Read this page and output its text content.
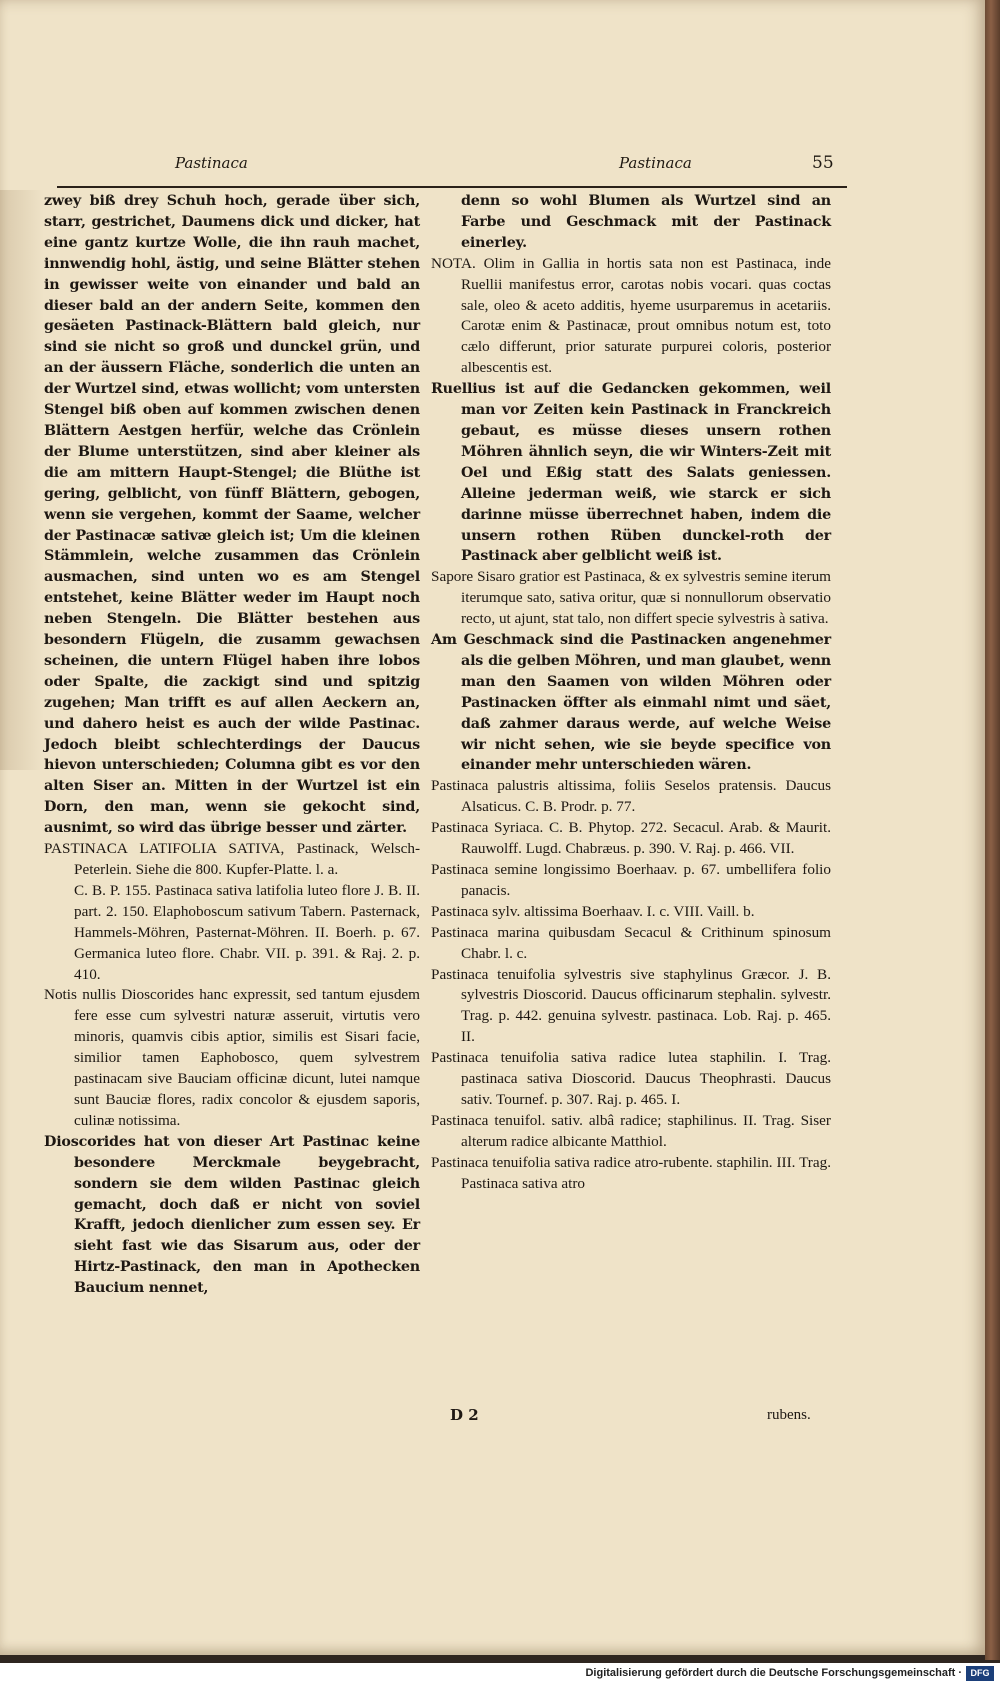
Pastinaca	Pastinaca	55

zwey biß drey Schuh hoch, gerade über sich, starr, gestrichet, Daumens dick und dicker, hat eine gantz kurtze Wolle, die ihn rauh machet, innwendig hohl, ästig, und seine Blätter stehen in gewisser weite von einander und bald an dieser bald an der andern Seite, kommen den gesäeten Pastinack-Blättern bald gleich, nur sind sie nicht so groß und dunckel grün, und an der äussern Fläche, sonderlich die unten an der Wurtzel sind, etwas wollicht; vom untersten Stengel biß oben auf kommen zwischen denen Blättern Aestgen herfür, welche das Crönlein der Blume unterstützen, sind aber kleiner als die am mittern Haupt-Stengel; die Blüthe ist gering, gelblicht, von fünff Blättern, gebogen, wenn sie vergehen, kommt der Saame, welcher der Pastinacæ sativæ gleich ist; Um die kleinen Stämmlein, welche zusammen das Crönlein ausmachen, sind unten wo es am Stengel entstehet, keine Blätter weder im Haupt noch neben Stengeln. Die Blätter bestehen aus besondern Flügeln, die zusamm gewachsen scheinen, die untern Flügel haben ihre lobos oder Spalte, die zackigt sind und spitzig zugehen; Man trifft es auf allen Aeckern an, und dahero heist es auch der wilde Pastinac. Jedoch bleibt schlechterdings der Daucus hievon unterschieden; Columna gibt es vor den alten Siser an. Mitten in der Wurtzel ist ein Dorn, den man, wenn sie gekocht sind, ausnimt, so wird das übrige besser und zärter.

PASTINACA LATIFOLIA SATIVA, Pastinack, Welsch-Peterlein. Siehe die 800. Kupfer-Platte. l. a.

C. B. P. 155. Pastinaca sativa latifolia luteo flore J. B. II. part. 2. 150. Elaphoboscum sativum Tabern. Pasternack, Hammels-Möhren, Pasternat-Möhren. II. Boerh. p. 67. Germanica luteo flore. Chabr. VII. p. 391. & Raj. 2. p. 410.

Notis nullis Dioscorides hanc expressit, sed tantum ejusdem fere esse cum sylvestri naturæ asseruit, virtutis vero minoris, quamvis cibis aptior, similis est Sisari facie, similior tamen Eaphobosco, quem sylvestrem pastinacam sive Bauciam officinæ dicunt, lutei namque sunt Bauciæ flores, radix concolor & ejusdem saporis, culinæ notissima.

Dioscorides hat von dieser Art Pastinac keine besondere Merckmale beygebracht, sondern sie dem wilden Pastinac gleich gemacht, doch daß er nicht von soviel Krafft, jedoch dienlicher zum essen sey. Er sieht fast wie das Sisarum aus, oder der Hirtz-Pastinack, den man in Apothecken Baucium nennet,

denn so wohl Blumen als Wurtzel sind an Farbe und Geschmack mit der Pastinack einerley.

NOTA. Olim in Gallia in hortis sata non est Pastinaca, inde Ruellii manifestus error, carotas nobis vocari. quas coctas sale, oleo & aceto additis, hyeme usurparemus in acetariis. Carotæ enim & Pastinacæ, prout omnibus notum est, toto cælo differunt, prior saturate purpurei coloris, posterior albescentis est.

Ruellius ist auf die Gedancken gekommen, weil man vor Zeiten kein Pastinack in Franckreich gebaut, es müsse dieses unsern rothen Möhren ähnlich seyn, die wir Winters-Zeit mit Oel und Eßig statt des Salats geniessen. Alleine jederman weiß, wie starck er sich darinne müsse überrechnet haben, indem die unsern rothen Rüben dunckel-roth der Pastinack aber gelblicht weiß ist.

Sapore Sisaro gratior est Pastinaca, & ex sylvestris semine iterum iterumque sato, sativa oritur, quæ si nonnullorum observatio recto, ut ajunt, stat talo, non differt specie sylvestris à sativa.

Am Geschmack sind die Pastinacken angenehmer als die gelben Möhren, und man glaubet, wenn man den Saamen von wilden Möhren oder Pastinacken öffter als einmahl nimt und säet, daß zahmer daraus werde, auf welche Weise wir nicht sehen, wie sie beyde specifice von einander mehr unterschieden wären.

Pastinaca palustris altissima, foliis Seselos pratensis. Daucus Alsaticus. C. B. Prodr. p. 77.

Pastinaca Syriaca. C. B. Phytop. 272. Secacul. Arab. & Maurit. Rauwolff. Lugd. Chabræus. p. 390. V. Raj. p. 466. VII.

Pastinaca semine longissimo Boerhaav. p. 67. umbellifera folio panacis.

Pastinaca sylv. altissima Boerhaav. I. c. VIII. Vaill. b.

Pastinaca marina quibusdam Secacul & Crithinum spinosum Chabr. l. c.

Pastinaca tenuifolia sylvestris sive staphylinus Græcor. J. B. sylvestris Dioscorid. Daucus officinarum stephalin. sylvestr. Trag. p. 442. genuina sylvestr. pastinaca. Lob. Raj. p. 465. II.

Pastinaca tenuifolia sativa radice lutea staphilin. I. Trag. pastinaca sativa Dioscorid. Daucus Theophrasti. Daucus sativ. Tournef. p. 307. Raj. p. 465. I.

Pastinaca tenuifol. sativ. albâ radice; staphilinus. II. Trag. Siser alterum radice albicante Matthiol.

Pastinaca tenuifolia sativa radice atro-rubente. staphilin. III. Trag. Pastinaca sativa atro

D 2	rubens.
Digitalisierung gefördert durch die Deutsche Forschungsgemeinschaft · DFG
